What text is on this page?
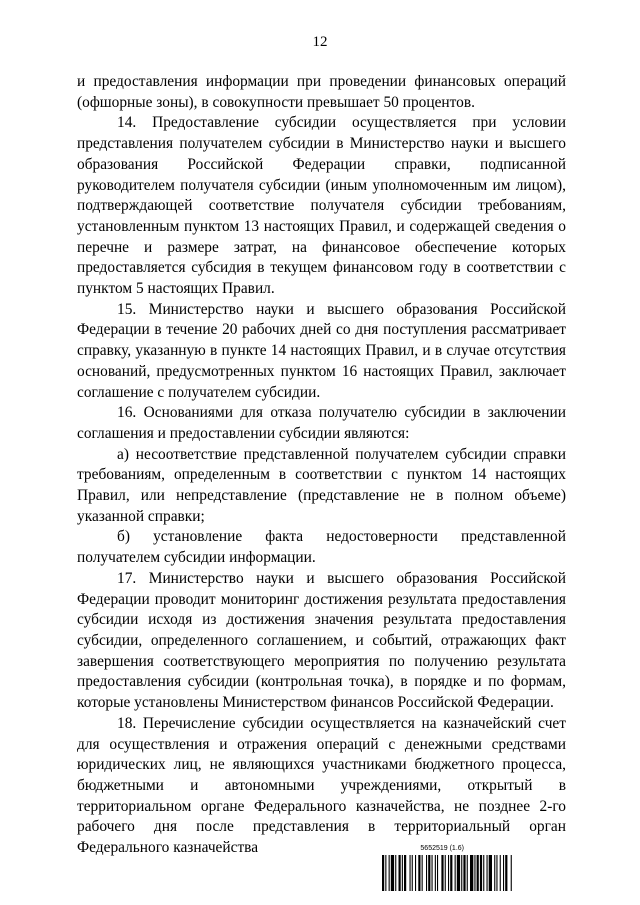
12

и предоставления информации при проведении финансовых операций (офшорные зоны), в совокупности превышает 50 процентов.

14. Предоставление субсидии осуществляется при условии представления получателем субсидии в Министерство науки и высшего образования Российской Федерации справки, подписанной руководителем получателя субсидии (иным уполномоченным им лицом), подтверждающей соответствие получателя субсидии требованиям, установленным пунктом 13 настоящих Правил, и содержащей сведения о перечне и размере затрат, на финансовое обеспечение которых предоставляется субсидия в текущем финансовом году в соответствии с пунктом 5 настоящих Правил.

15. Министерство науки и высшего образования Российской Федерации в течение 20 рабочих дней со дня поступления рассматривает справку, указанную в пункте 14 настоящих Правил, и в случае отсутствия оснований, предусмотренных пунктом 16 настоящих Правил, заключает соглашение с получателем субсидии.

16. Основаниями для отказа получателю субсидии в заключении соглашения и предоставлении субсидии являются:

а) несоответствие представленной получателем субсидии справки требованиям, определенным в соответствии с пунктом 14 настоящих Правил, или непредставление (представление не в полном объеме) указанной справки;

б) установление факта недостоверности представленной получателем субсидии информации.

17. Министерство науки и высшего образования Российской Федерации проводит мониторинг достижения результата предоставления субсидии исходя из достижения значения результата предоставления субсидии, определенного соглашением, и событий, отражающих факт завершения соответствующего мероприятия по получению результата предоставления субсидии (контрольная точка), в порядке и по формам, которые установлены Министерством финансов Российской Федерации.

18. Перечисление субсидии осуществляется на казначейский счет для осуществления и отражения операций с денежными средствами юридических лиц, не являющихся участниками бюджетного процесса, бюджетными и автономными учреждениями, открытый в территориальном органе Федерального казначейства, не позднее 2-го рабочего дня после представления в территориальный орган Федерального казначейства	5652519 (1.6)
